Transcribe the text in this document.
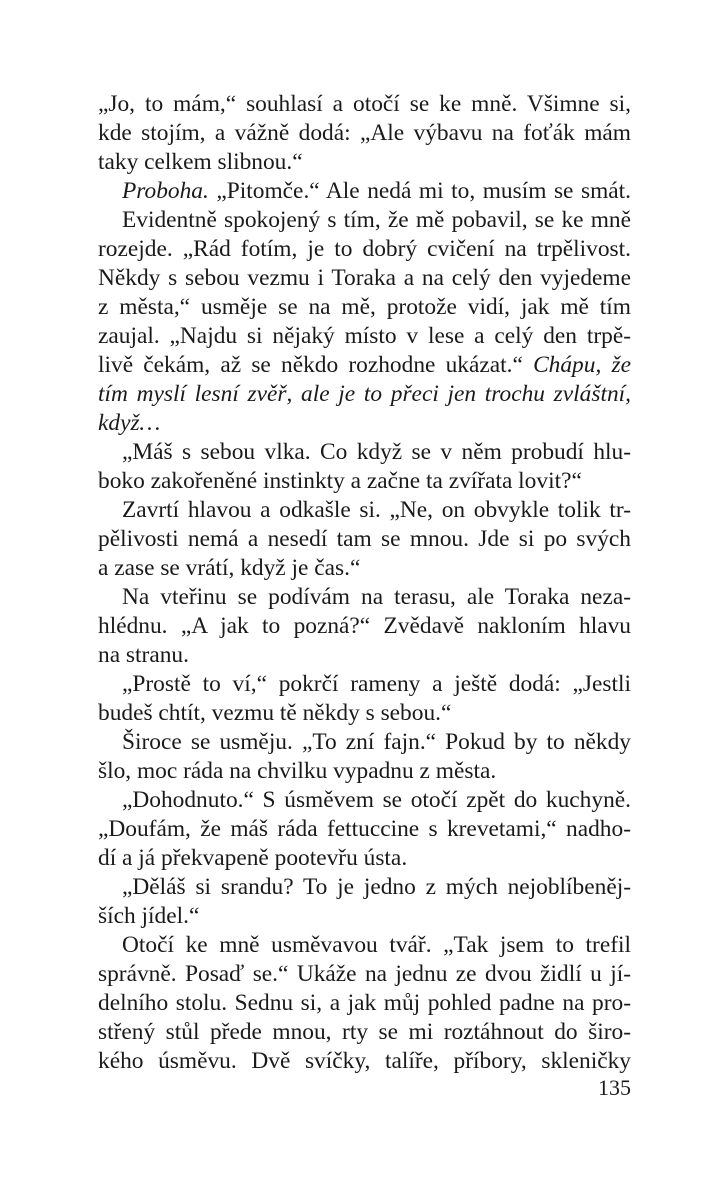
„Jo, to mám,“ souhlasí a otočí se ke mně. Všimne si,
kde stojím, a vážně dodá: „Ale výbavu na foťák mám
taky celkem slibnou.“
Proboha. „Pitomče.“ Ale nedá mi to, musím se smát.
Evidentně spokojený s tím, že mě pobavil, se ke mně
rozejde. „Rád fotím, je to dobrý cvičení na trpělivost.
Někdy s sebou vezmu i Toraka a na celý den vyjedeme
z města,“ usměje se na mě, protože vidí, jak mě tím
zaujal. „Najdu si nějaký místo v lese a celý den trpě-
livě čekám, až se někdo rozhodne ukázat.“ Chápu, že
tím myslí lesní zvěř, ale je to přeci jen trochu zvláštní,
když…
„Máš s sebou vlka. Co když se v něm probudí hlu-
boko zakořeněné instinkty a začne ta zvířata lovit?“
Zavrtí hlavou a odkašle si. „Ne, on obvykle tolik tr-
pělivosti nemá a nesedí tam se mnou. Jde si po svých
a zase se vrátí, když je čas.“
Na vteřinu se podívám na terasu, ale Toraka neza-
hlédnu. „A jak to pozná?“ Zvědavě nakloním hlavu
na stranu.
„Prostě to ví,“ pokrčí rameny a ještě dodá: „Jestli
budeš chtít, vezmu tě někdy s sebou.“
Široce se usměju. „To zní fajn.“ Pokud by to někdy
šlo, moc ráda na chvilku vypadnu z města.
„Dohodnuto.“ S úsměvem se otočí zpět do kuchyně.
„Doufám, že máš ráda fettuccine s krevetami,“ nadho-
dí a já překvapeně pootevřu ústa.
„Děláš si srandu? To je jedno z mých nejoblíbeněj-
ších jídel.“
Otočí ke mně usměvavou tvář. „Tak jsem to trefil
správně. Posaď se.“ Ukáže na jednu ze dvou židlí u jí-
delního stolu. Sednu si, a jak můj pohled padne na pro-
střený stůl přede mnou, rty se mi roztáhnout do širo-
kého úsměvu. Dvě svíčky, talíře, příbory, skleničky
135
